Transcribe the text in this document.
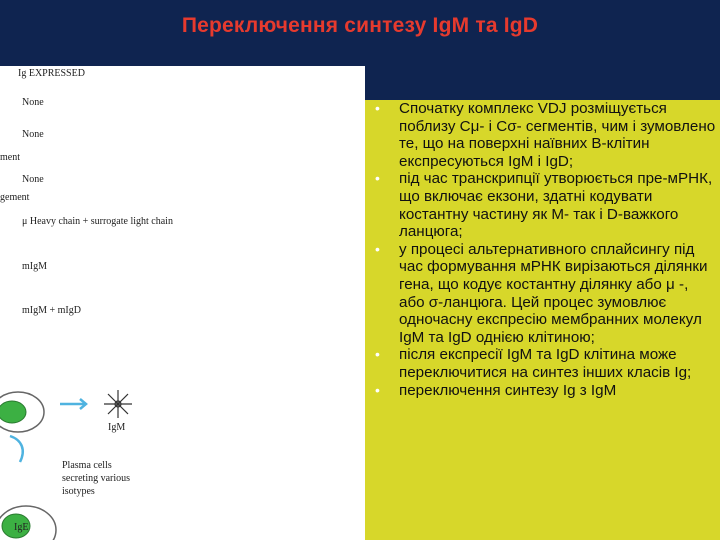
Переключення синтезу IgM та IgD
Ig EXPRESSED
None
None
ment
None
gement
μ Heavy chain + surrogate light chain
mIgM
mIgM + mIgD
IgM
Plasma cells
secreting various
isotypes
IgE
• Спочатку комплекс VDJ розміщується поблизу Cμ- і Cσ- сегментів, чим і зумовлено те, що на поверхні наївних В-клітин експресуються IgM і IgD;
• під час транскрипції утворюється пре-мРНК, що включає екзони, здатні кодувати костантну частину як М- так і D-важкого ланцюга;
• у процесі альтернативного сплайсингу під час формування мРНК вирізаються ділянки гена, що кодує костантну ділянку або μ -, або σ-ланцюга. Цей процес зумовлює одночасну експресію мембранних молекул IgM та IgD однією клітиною;
• після експресії IgM та IgD клітина може переключитися на синтез інших класів Ig;
• переключення синтезу Ig з IgM
